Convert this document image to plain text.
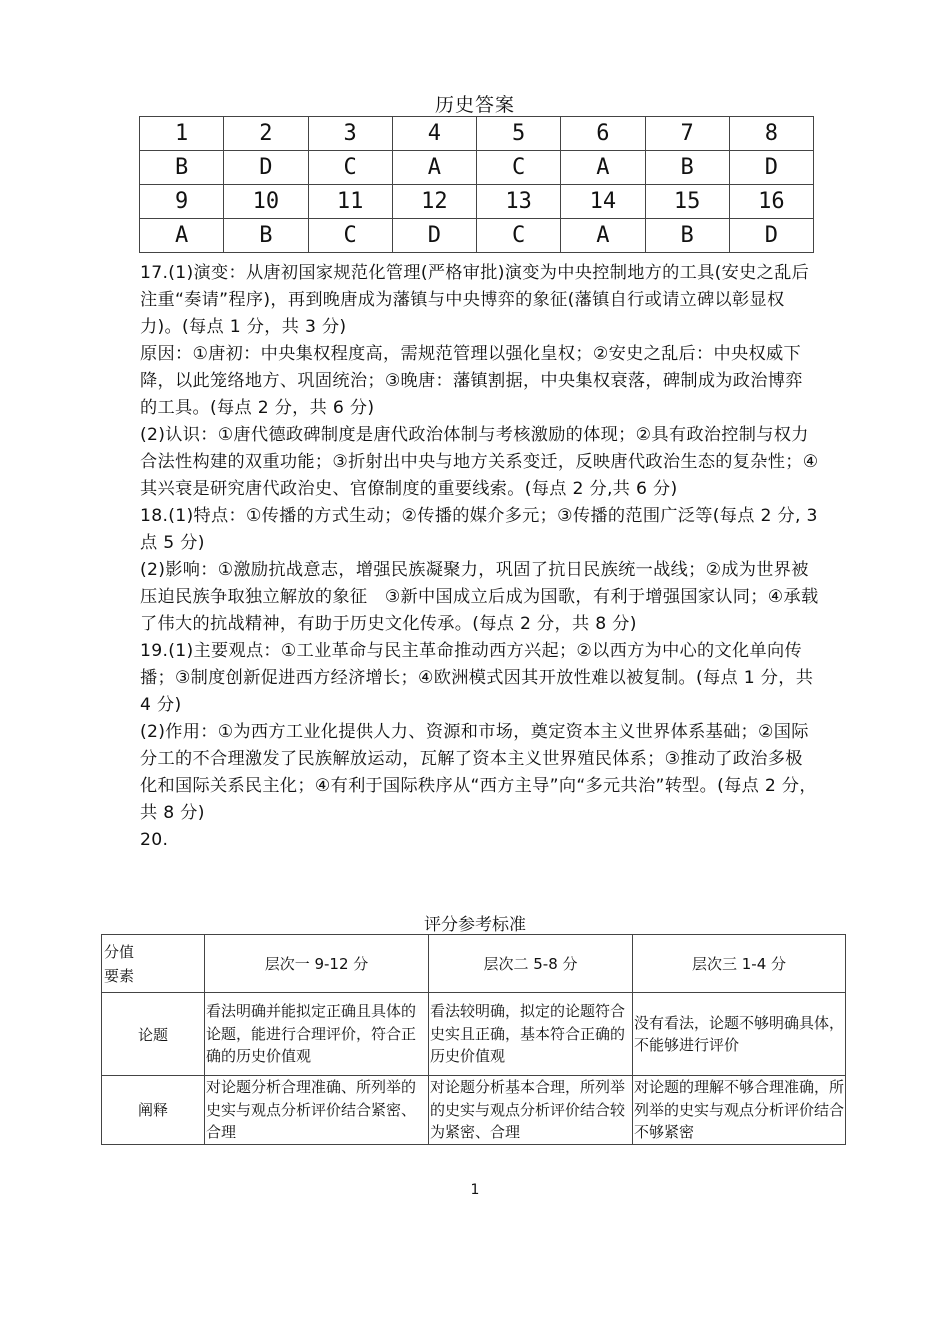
历史答案
1	2	3	4	5	6	7	8
B	D	C	A	C	A	B	D
9	10	11	12	13	14	15	16
A	B	C	D	C	A	B	D

17.(1)演变：从唐初国家规范化管理(严格审批)演变为中央控制地方的工具(安史之乱后注重“奏请”程序)，再到晚唐成为藩镇与中央博弈的象征(藩镇自行或请立碑以彰显权力)。(每点 1 分，共 3 分)

原因：①唐初：中央集权程度高，需规范管理以强化皇权；②安史之乱后：中央权威下降，以此笼络地方、巩固统治；③晚唐：藩镇割据，中央集权衰落，碑制成为政治博弈的工具。(每点 2 分，共 6 分)

(2)认识：①唐代德政碑制度是唐代政治体制与考核激励的体现；②具有政治控制与权力合法性构建的双重功能；③折射出中央与地方关系变迁，反映唐代政治生态的复杂性；④其兴衰是研究唐代政治史、官僚制度的重要线索。(每点 2 分,共 6 分)

18.(1)特点：①传播的方式生动；②传播的媒介多元；③传播的范围广泛等(每点 2 分, 3 点 5 分)

(2)影响：①激励抗战意志，增强民族凝聚力，巩固了抗日民族统一战线；②成为世界被压迫民族争取独立解放的象征　③新中国成立后成为国歌，有利于增强国家认同；④承载了伟大的抗战精神，有助于历史文化传承。(每点 2 分，共 8 分)

19.(1)主要观点：①工业革命与民主革命推动西方兴起；②以西方为中心的文化单向传播；③制度创新促进西方经济增长；④欧洲模式因其开放性难以被复制。(每点 1 分，共 4 分)

(2)作用：①为西方工业化提供人力、资源和市场，奠定资本主义世界体系基础；②国际分工的不合理激发了民族解放运动，瓦解了资本主义世界殖民体系；③推动了政治多极化和国际关系民主化；④有利于国际秩序从“西方主导”向“多元共治”转型。(每点 2 分，共 8 分)

20.

评分参考标准
分值
要素	层次一 9-12 分	层次二 5-8 分	层次三 1-4 分
论题	看法明确并能拟定正确且具体的论题，能进行合理评价，符合正确的历史价值观	看法较明确，拟定的论题符合史实且正确，基本符合正确的历史价值观	没有看法，论题不够明确具体，不能够进行评价
阐释	对论题分析合理准确、所列举的史实与观点分析评价结合紧密、合理	对论题分析基本合理，所列举的史实与观点分析评价结合较为紧密、合理	对论题的理解不够合理准确，所列举的史实与观点分析评价结合不够紧密
1
